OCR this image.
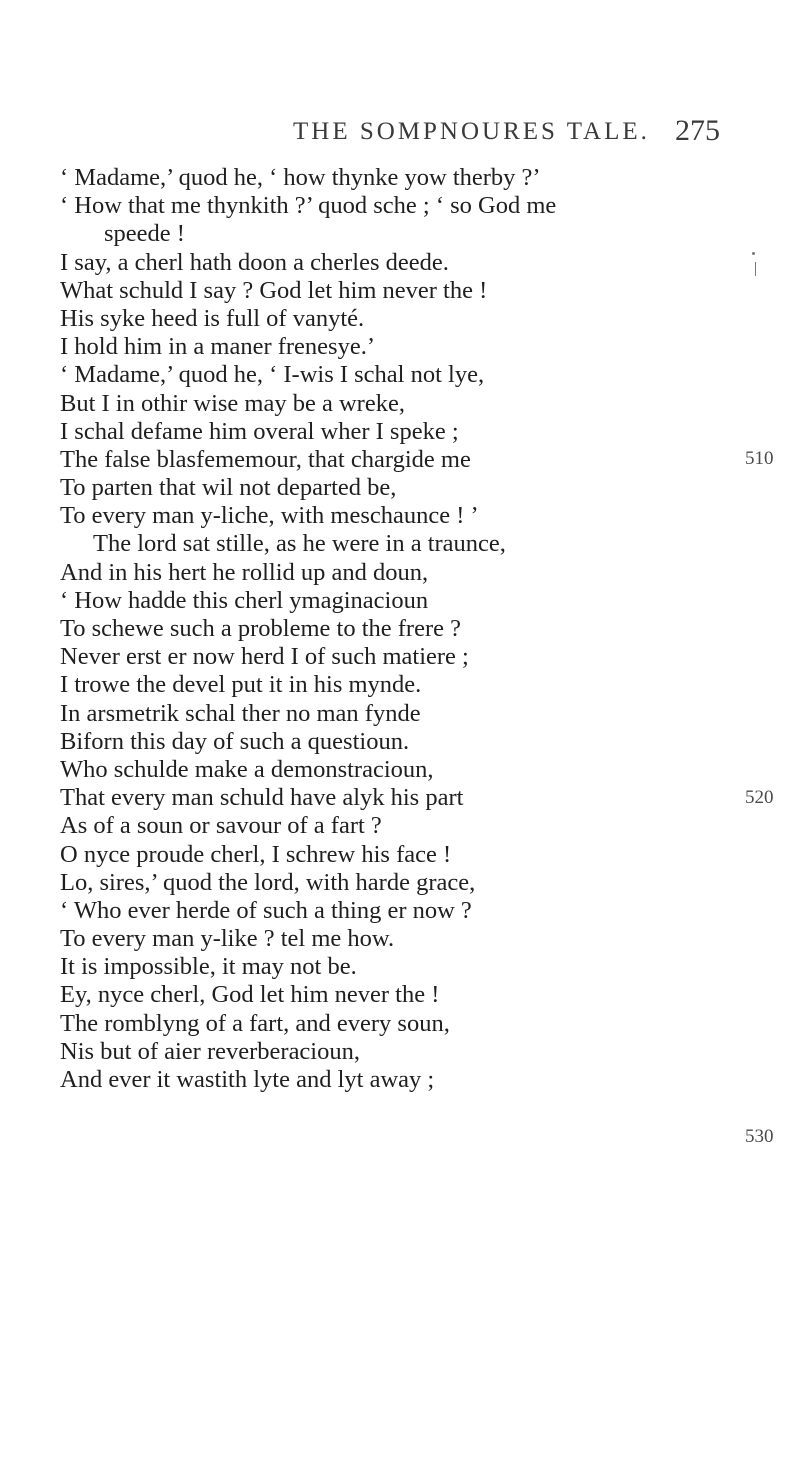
THE SOMPNOURES TALE. 275
‘ Madame,’ quod he, ‘ how thynke yow therby ?’
‘ How that me thynkith ?’ quod sche ; ‘ so God me
speede !
I say, a cherl hath doon a cherles deede.
What schuld I say ? God let him never the !
His syke heed is full of vanyté.
I hold him in a maner frenesye.’
‘ Madame,’ quod he, ‘ I-wis I schal not lye,
But I in othir wise may be a wreke,
I schal defame him overal wher I speke ;
The false blasfememour, that chargide me
To parten that wil not departed be,
To every man y-liche, with meschaunce ! ’
The lord sat stille, as he were in a traunce,
And in his hert he rollid up and doun,
‘ How hadde this cherl ymaginacioun
To schewe such a probleme to the frere ?
Never erst er now herd I of such matiere ;
I trowe the devel put it in his mynde.
In arsmetrik schal ther no man fynde
Biforn this day of such a questioun.
Who schulde make a demonstracioun,
That every man schuld have alyk his part
As of a soun or savour of a fart ?
O nyce proude cherl, I schrew his face !
Lo, sires,’ quod the lord, with harde grace,
‘ Who ever herde of such a thing er now ?
To every man y-like ? tel me how.
It is impossible, it may not be.
Ey, nyce cherl, God let him never the !
The romblyng of a fart, and every soun,
Nis but of aier reverberacioun,
And ever it wastith lyte and lyt away ;
510
520
530
